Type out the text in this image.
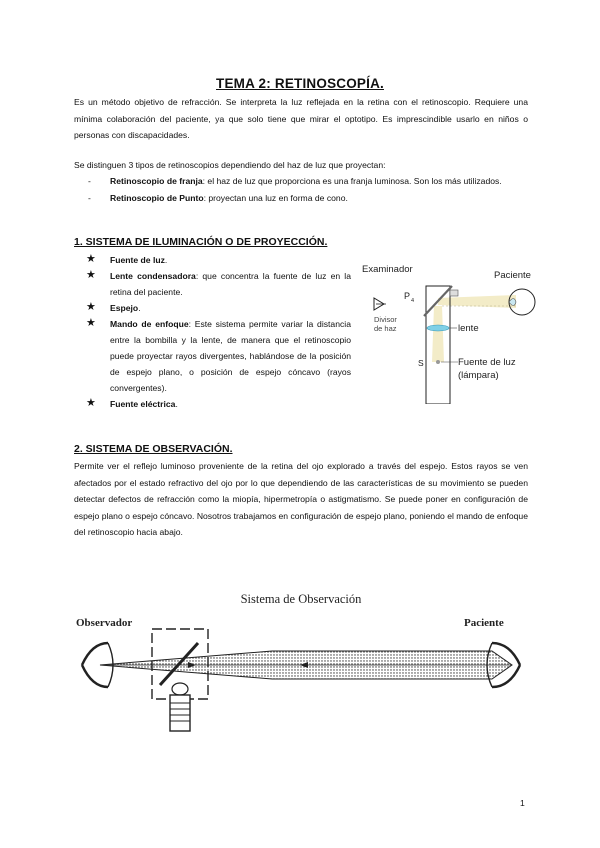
TEMA 2: RETINOSCOPÍA.
Es un método objetivo de refracción. Se interpreta la luz reflejada en la retina con el retinoscopio. Requiere una mínima colaboración del paciente, ya que solo tiene que mirar el optotipo. Es imprescindible usarlo en niños o personas con discapacidades.
Se distinguen 3 tipos de retinoscopios dependiendo del haz de luz que proyectan:
- Retinoscopio de franja: el haz de luz que proporciona es una franja luminosa. Son los más utilizados.
- Retinoscopio de Punto: proyectan una luz en forma de cono.
1. SISTEMA DE ILUMINACIÓN O DE PROYECCIÓN.
★ Fuente de luz.
★ Lente condensadora: que concentra la fuente de luz en la retina del paciente.
★ Espejo.
★ Mando de enfoque: Este sistema permite variar la distancia entre la bombilla y la lente, de manera que el retinoscopio puede proyectar rayos divergentes, hablándose de la posición de espejo plano, o posición de espejo cóncavo (rayos convergentes).
★ Fuente eléctrica.
Examinador
Paciente
P 4
Divisor
de haz	lente
S	Fuente de luz
(lámpara)
2. SISTEMA DE OBSERVACIÓN.
Permite ver el reflejo luminoso proveniente de la retina del ojo explorado a través del espejo. Estos rayos se ven afectados por el estado refractivo del ojo por lo que dependiendo de las características de su movimiento se pueden detectar defectos de refracción como la miopía, hipermetropía o astigmatismo. Se puede poner en configuración de espejo plano o espejo cóncavo. Nosotros trabajamos en configuración de espejo plano, poniendo el mando de enfoque del retinoscopio hacia abajo.
Sistema de Observación
Observador	Paciente
1
